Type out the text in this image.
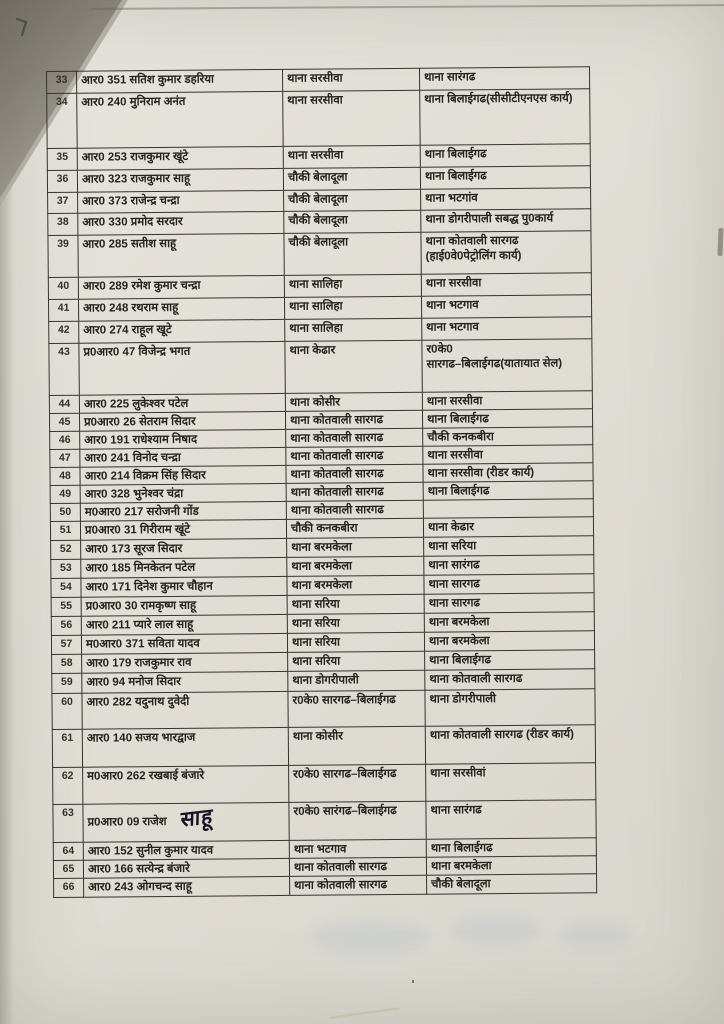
33	आर0 351 सतिश कुमार डहरिया	थाना सरसीवा	थाना सारंगढ
34	आर0 240 मुनिराम अनंत	थाना सरसीवा	थाना बिलाईगढ(सीसीटीएनएस कार्य)
35	आर0 253 राजकुमार खूंटे	थाना सरसीवा	थाना बिलाईगढ
36	आर0 323 राजकुमार साहू	चौकी बेलादूला	थाना बिलाईगढ
37	आर0 373 राजेन्द्र चन्द्रा	चौकी बेलादूला	थाना भटगांव
38	आर0 330 प्रमोद सरदार	चौकी बेलादूला	थाना डोगरीपाली सबद्ध पु0कार्य
39	आर0 285 सतीश साहू	चौकी बेलादूला	थाना कोतवाली सारगढ (हाई0वे0पेट्रोलिंग कार्य)
40	आर0 289 रमेश कुमार चन्द्रा	थाना सालिहा	थाना सरसीवा
41	आर0 248 रथराम साहू	थाना सालिहा	थाना भटगाव
42	आर0 274 राहूल खूटे	थाना सालिहा	थाना भटगाव
43	प्र0आर0 47 विजेन्द्र भगत	थाना केढार	र0के0
सारगढ–बिलाईगढ(यातायात सेल)
44	आर0 225 लुकेश्वर पटेल	थाना कोसीर	थाना सरसीवा
45	प्र0आर0 26 सेतराम सिदार	थाना कोतवाली सारगढ	थाना बिलाईगढ
46	आर0 191 राधेश्याम निषाद	थाना कोतवाली सारगढ	चौकी कनकबीरा
47	आर0 241 विनोद चन्द्रा	थाना कोतवाली सारगढ	थाना सरसीवा
48	आर0 214 विक्रम सिंह सिदार	थाना कोतवाली सारगढ	थाना सरसीवा (रीडर कार्य)
49	आर0 328 भुनेश्वर चंद्रा	थाना कोतवाली सारगढ	थाना बिलाईगढ
50	म0आर0 217 सरोजनी गोंड	थाना कोतवाली सारगढ	
51	प्र0आर0 31 गिरीराम खूंटे	चौकी कनकबीरा	थाना केढार
52	आर0 173 सूरज सिदार	थाना बरमकेला	थाना सरिया
53	आर0 185 मिनकेतन पटेल	थाना बरमकेला	थाना सारंगढ
54	आर0 171 दिनेश कुमार चौहान	थाना बरमकेला	थाना सारगढ
55	प्र0आर0 30 रामकृष्ण साहू	थाना सरिया	थाना सारगढ
56	आर0 211 प्यारे लाल साहू	थाना सरिया	थाना बरमकेला
57	म0आर0 371 सविता यादव	थाना सरिया	थाना बरमकेला
58	आर0 179 राजकुमार राव	थाना सरिया	थाना बिलाईगढ
59	आर0 94 मनोज सिदार	थाना डोगरीपाली	थाना कोतवाली सारगढ
60	आर0 282 यदुनाथ दुवेदी	र0के0 सारगढ–बिलाईगढ	थाना डोगरीपाली
61	आर0 140 सजय भारद्वाज	थाना कोसीर	थाना कोतवाली सारगढ (रीडर कार्य)
62	म0आर0 262 रखबाई बंजारे	र0के0 सारगढ–बिलाईगढ	थाना सरसीवां
63	प्र0आर0 09 राजेश साहू	र0के0 सारंगढ–बिलाईगढ	थाना सारंगढ
64	आर0 152 सुनील कुमार यादव	थाना भटगाव	थाना बिलाईगढ
65	आर0 166 सत्येन्द्र बंजारे	थाना कोतवाली सारगढ	थाना बरमकेला
66	आर0 243 ओगचन्द साहू	थाना कोतवाली सारगढ	चौकी बेलादूला
